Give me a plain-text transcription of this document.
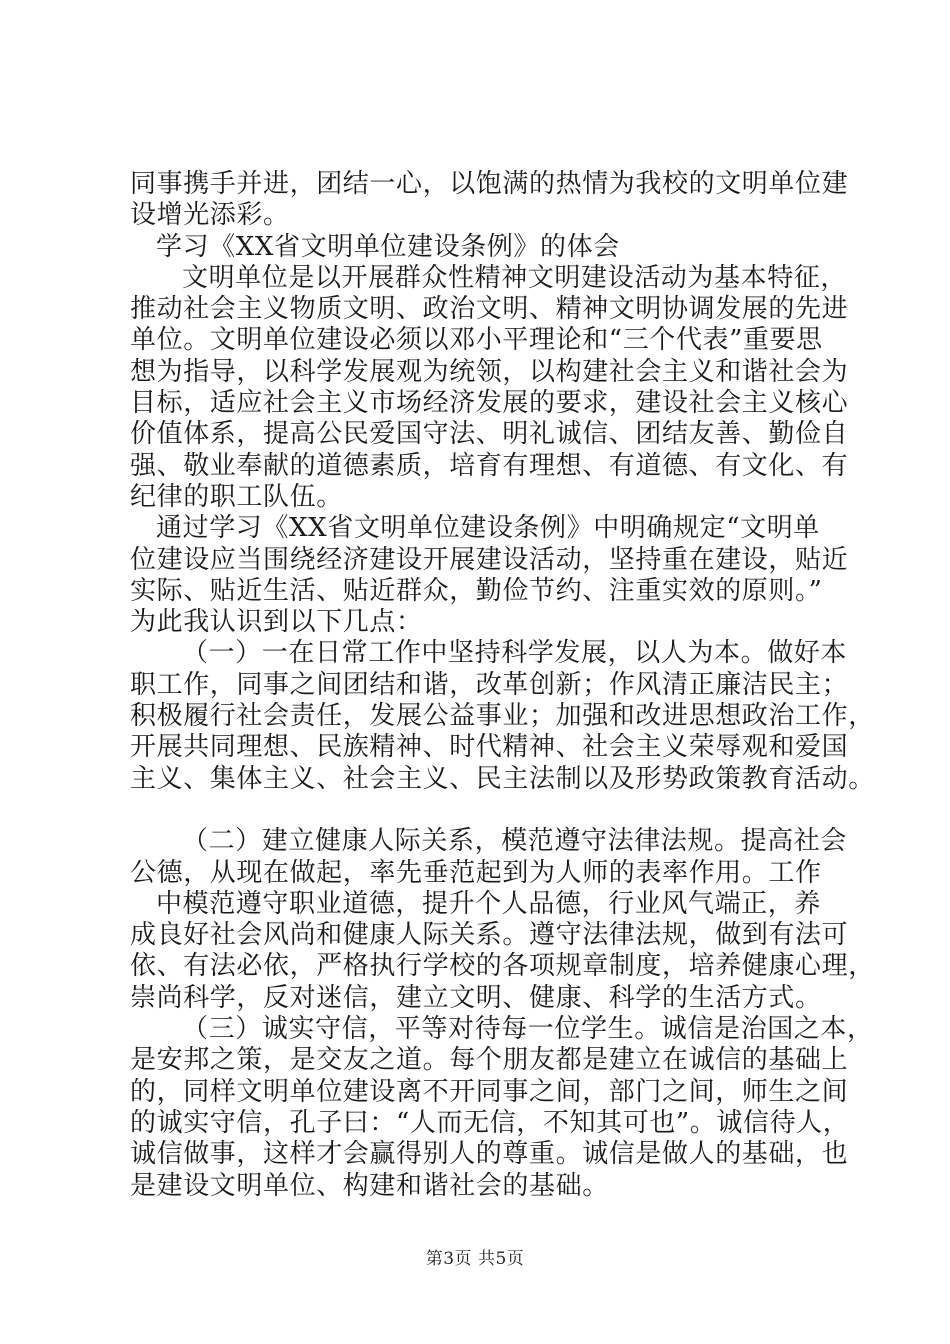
同事携手并进，团结一心，以饱满的热情为我校的文明单位建
设增光添彩。
学习《XX省文明单位建设条例》的体会
文明单位是以开展群众性精神文明建设活动为基本特征，
推动社会主义物质文明、政治文明、精神文明协调发展的先进
单位。文明单位建设必须以邓小平理论和“三个代表”重要思
想为指导，以科学发展观为统领，以构建社会主义和谐社会为
目标，适应社会主义市场经济发展的要求，建设社会主义核心
价值体系，提高公民爱国守法、明礼诚信、团结友善、勤俭自
强、敬业奉献的道德素质，培育有理想、有道德、有文化、有
纪律的职工队伍。
通过学习《XX省文明单位建设条例》中明确规定“文明单
位建设应当围绕经济建设开展建设活动，坚持重在建设，贴近
实际、贴近生活、贴近群众，勤俭节约、注重实效的原则。”
为此我认识到以下几点：
（一）一在日常工作中坚持科学发展，以人为本。做好本
职工作，同事之间团结和谐，改革创新；作风清正廉洁民主；
积极履行社会责任，发展公益事业；加强和改进思想政治工作，
开展共同理想、民族精神、时代精神、社会主义荣辱观和爱国
主义、集体主义、社会主义、民主法制以及形势政策教育活动。
（二）建立健康人际关系，模范遵守法律法规。提高社会
公德，从现在做起，率先垂范起到为人师的表率作用。工作
中模范遵守职业道德，提升个人品德，行业风气端正，养
成良好社会风尚和健康人际关系。遵守法律法规，做到有法可
依、有法必依，严格执行学校的各项规章制度，培养健康心理，
崇尚科学，反对迷信，建立文明、健康、科学的生活方式。
（三）诚实守信，平等对待每一位学生。诚信是治国之本，
是安邦之策，是交友之道。每个朋友都是建立在诚信的基础上
的，同样文明单位建设离不开同事之间，部门之间，师生之间
的诚实守信，孔子曰：“人而无信，不知其可也”。诚信待人，
诚信做事，这样才会赢得别人的尊重。诚信是做人的基础，也
是建设文明单位、构建和谐社会的基础。
第3页 共5页
